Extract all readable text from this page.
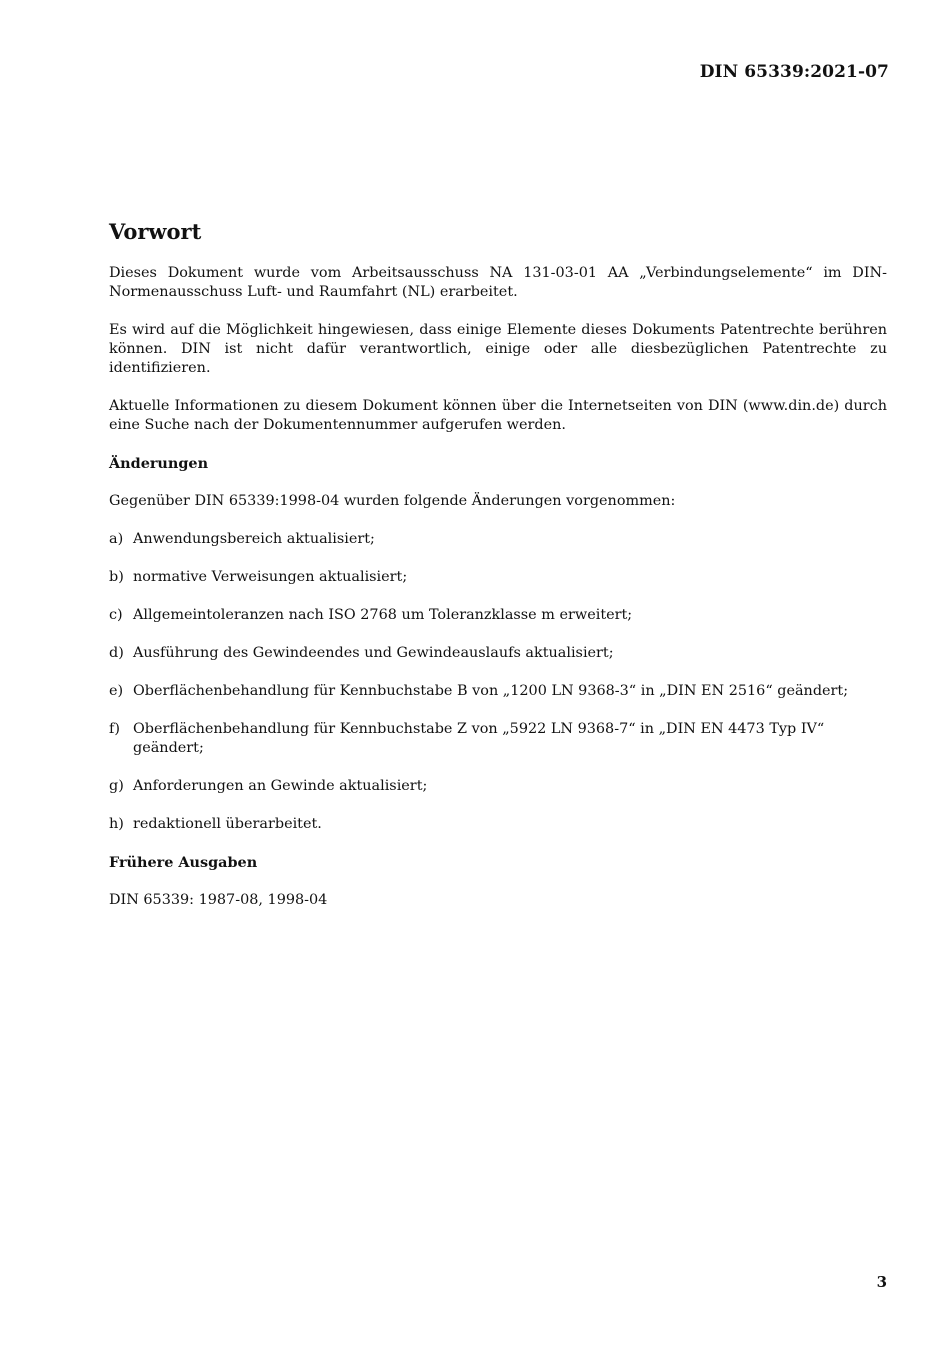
DIN 65339:2021-07
Vorwort

Dieses Dokument wurde vom Arbeitsausschuss NA 131-03-01 AA „Verbindungselemente“ im DIN-Normenausschuss Luft- und Raumfahrt (NL) erarbeitet.

Es wird auf die Möglichkeit hingewiesen, dass einige Elemente dieses Dokuments Patentrechte berühren können. DIN ist nicht dafür verantwortlich, einige oder alle diesbezüglichen Patentrechte zu identifizieren.

Aktuelle Informationen zu diesem Dokument können über die Internetseiten von DIN (www.din.de) durch eine Suche nach der Dokumentennummer aufgerufen werden.

Änderungen

Gegenüber DIN 65339:1998-04 wurden folgende Änderungen vorgenommen:

a) Anwendungsbereich aktualisiert;
b) normative Verweisungen aktualisiert;
c) Allgemeintoleranzen nach ISO 2768 um Toleranzklasse m erweitert;
d) Ausführung des Gewindeendes und Gewindeauslaufs aktualisiert;
e) Oberflächenbehandlung für Kennbuchstabe B von „1200 LN 9368-3“ in „DIN EN 2516“ geändert;
f) Oberflächenbehandlung für Kennbuchstabe Z von „5922 LN 9368-7“ in „DIN EN 4473 Typ IV“ geändert;
g) Anforderungen an Gewinde aktualisiert;
h) redaktionell überarbeitet.
Frühere Ausgaben

DIN 65339: 1987-08, 1998-04

3
